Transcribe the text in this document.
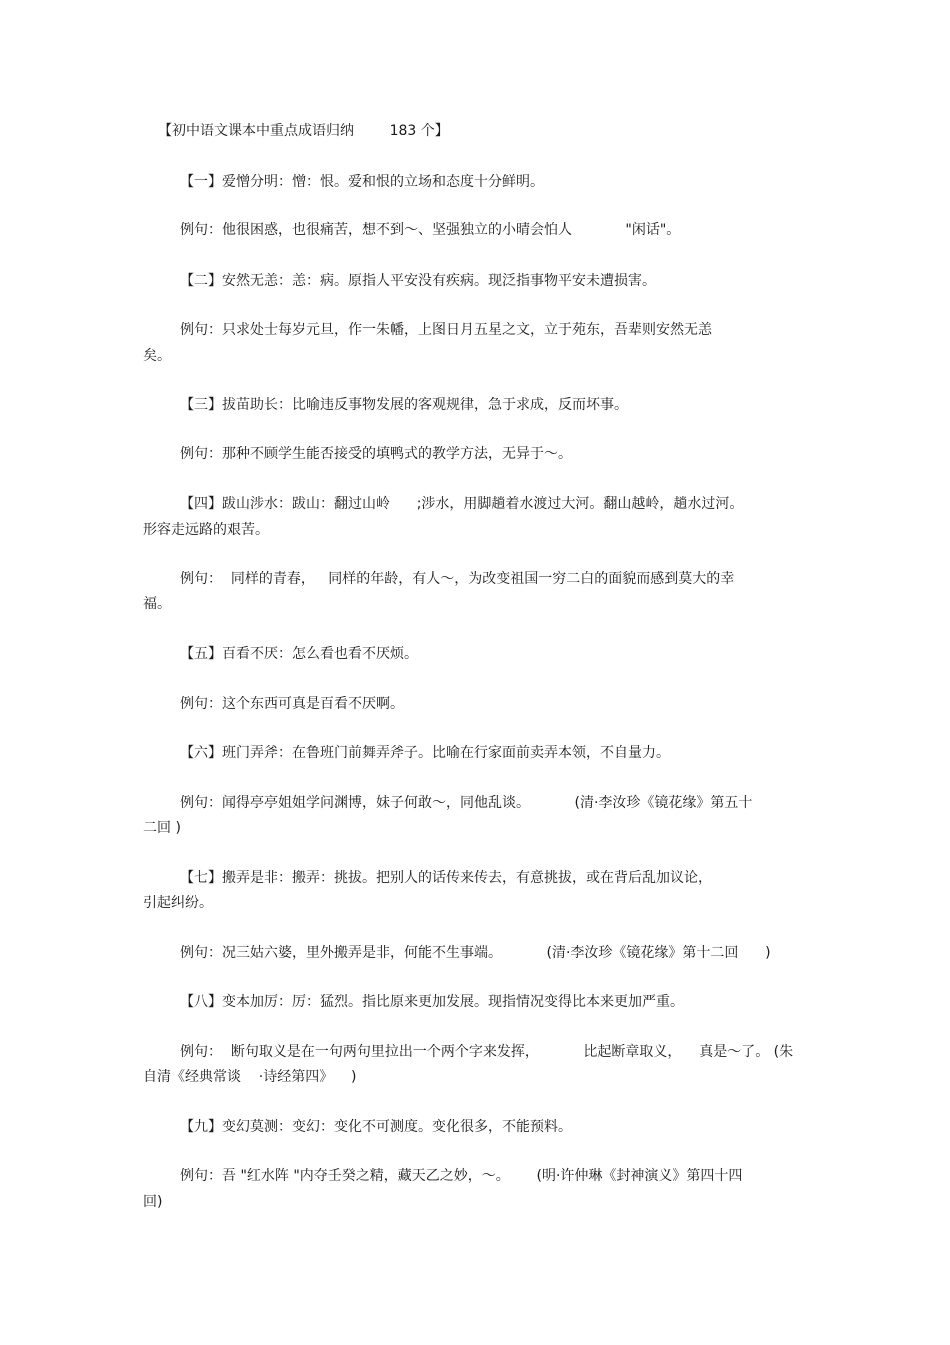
【初中语文课本中重点成语归纳        183 个】
【一】爱憎分明：憎：恨。爱和恨的立场和态度十分鲜明。
例句：他很困惑，也很痛苦，想不到～、坚强独立的小晴会怕人            "闲话"。
【二】安然无恙：恙：病。原指人平安没有疾病。现泛指事物平安未遭损害。
例句：只求处士每岁元旦，作一朱幡，上图日月五星之文，立于苑东，吾辈则安然无恙
矣。
【三】拔苗助长：比喻违反事物发展的客观规律，急于求成，反而坏事。
例句：那种不顾学生能否接受的填鸭式的教学方法，无异于～。
【四】跋山涉水：跋山：翻过山岭      ;涉水，用脚趟着水渡过大河。翻山越岭，趟水过河。
形容走远路的艰苦。
例句：  同样的青春，   同样的年龄，有人～，为改变祖国一穷二白的面貌而感到莫大的幸
福。
【五】百看不厌：怎么看也看不厌烦。
例句：这个东西可真是百看不厌啊。
【六】班门弄斧：在鲁班门前舞弄斧子。比喻在行家面前卖弄本领，不自量力。
例句：闻得亭亭姐姐学问渊博，妹子何敢～，同他乱谈。          (清·李汝珍《镜花缘》第五十
二回 )
【七】搬弄是非：搬弄：挑拔。把别人的话传来传去，有意挑拔，或在背后乱加议论，
引起纠纷。
例句：况三姑六婆，里外搬弄是非，何能不生事端。          (清·李汝珍《镜花缘》第十二回      )
【八】变本加厉：厉：猛烈。指比原来更加发展。现指情况变得比本来更加严重。
例句：  断句取义是在一句两句里拉出一个两个字来发挥，          比起断章取义，    真是～了。 (朱
自清《经典常谈    ·诗经第四》    )
【九】变幻莫测：变幻：变化不可测度。变化很多，不能预料。
例句：吾 "红水阵 "内夺壬癸之精，藏天乙之妙，～。      (明·许仲琳《封神演义》第四十四
回)
